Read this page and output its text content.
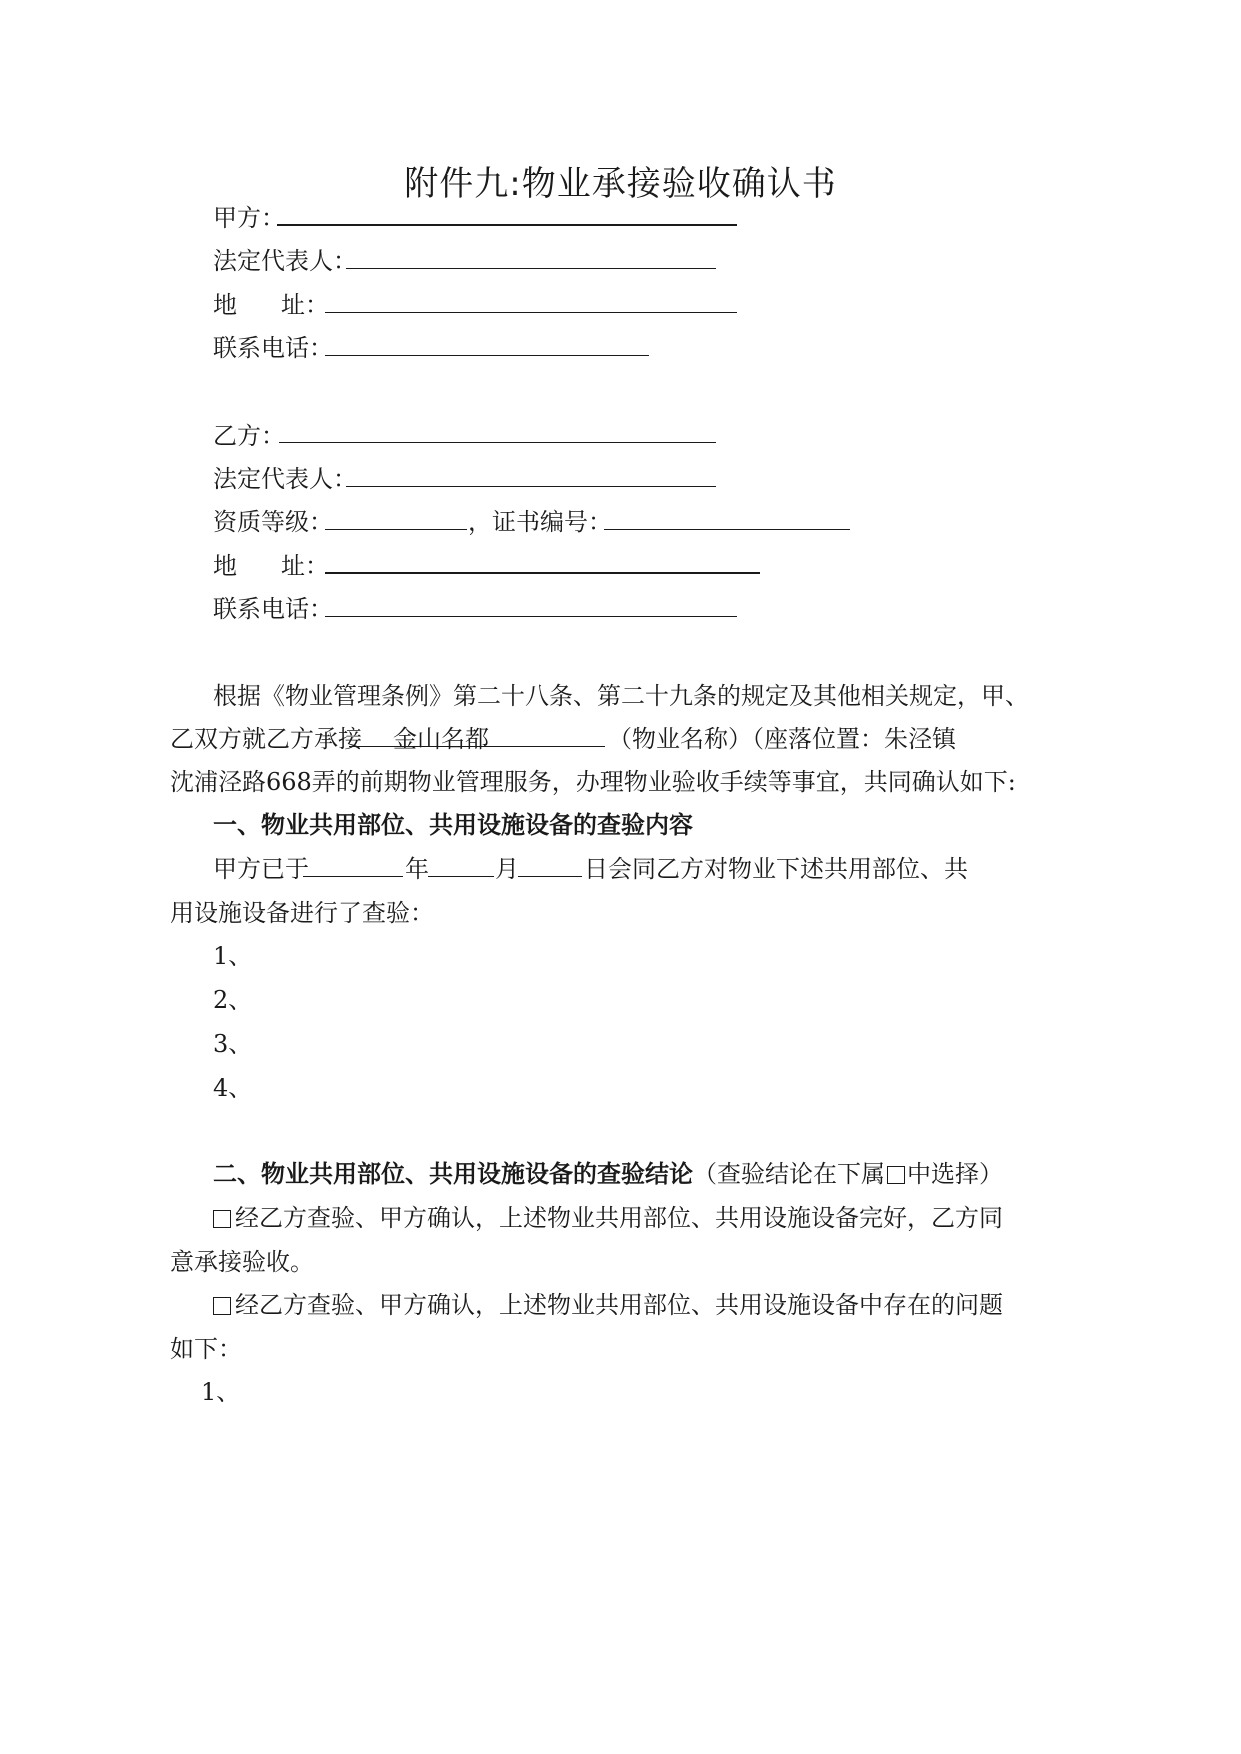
附件九:物业承接验收确认书
甲方：
法定代表人：
地 址：
联系电话：
乙方：
法定代表人：
资质等级：	，证书编号：
地 址：
联系电话：
根据《物业管理条例》第二十八条、第二十九条的规定及其他相关规定，甲、
乙双方就乙方承接 金山名都	（物业名称）（座落位置：朱泾镇
沈浦泾路668弄的前期物业管理服务，办理物业验收手续等事宜，共同确认如下:
一、物业共用部位、共用设施设备的查验内容
甲方已于	年	月	日会同乙方对物业下述共用部位、共
用设施设备进行了查验：
1、
2、
3、
4、
二、物业共用部位、共用设施设备的查验结论（查验结论在下属 中选择）
经乙方查验、甲方确认，上述物业共用部位、共用设施设备完好，乙方同
意承接验收。
经乙方查验、甲方确认，上述物业共用部位、共用设施设备中存在的问题
如下：
1、
